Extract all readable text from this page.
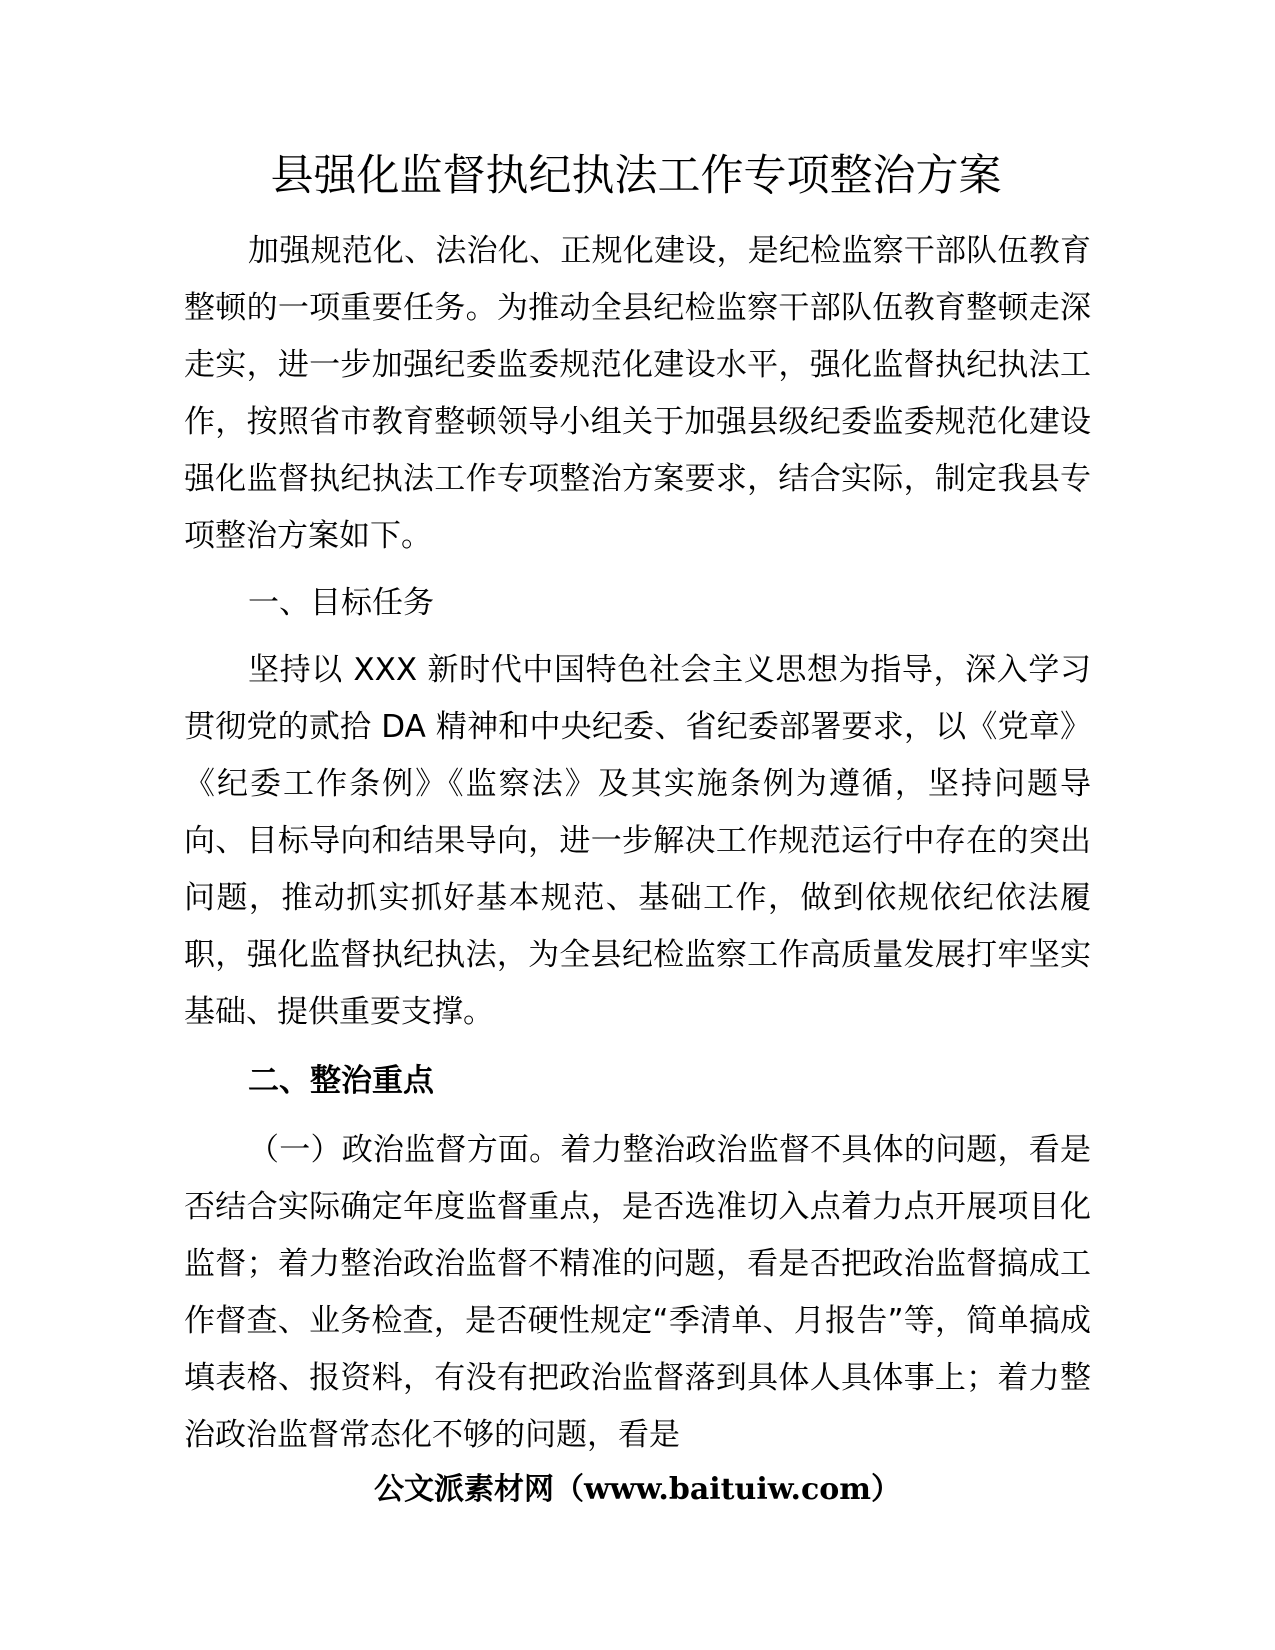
县强化监督执纪执法工作专项整治方案

加强规范化、法治化、正规化建设，是纪检监察干部队伍教育整顿的一项重要任务。为推动全县纪检监察干部队伍教育整顿走深走实，进一步加强纪委监委规范化建设水平，强化监督执纪执法工作，按照省市教育整顿领导小组关于加强县级纪委监委规范化建设强化监督执纪执法工作专项整治方案要求，结合实际，制定我县专项整治方案如下。

一、目标任务

坚持以 XXX 新时代中国特色社会主义思想为指导，深入学习贯彻党的贰拾 DA 精神和中央纪委、省纪委部署要求，以《党章》《纪委工作条例》《监察法》及其实施条例为遵循，坚持问题导向、目标导向和结果导向，进一步解决工作规范运行中存在的突出问题，推动抓实抓好基本规范、基础工作，做到依规依纪依法履职，强化监督执纪执法，为全县纪检监察工作高质量发展打牢坚实基础、提供重要支撑。

二、整治重点

（一）政治监督方面。着力整治政治监督不具体的问题，看是否结合实际确定年度监督重点，是否选准切入点着力点开展项目化监督；着力整治政治监督不精准的问题，看是否把政治监督搞成工作督查、业务检查，是否硬性规定“季清单、月报告”等，简单搞成填表格、报资料，有没有把政治监督落到具体人具体事上；着力整治政治监督常态化不够的问题，看是

公文派素材网（www.baituiw.com）
